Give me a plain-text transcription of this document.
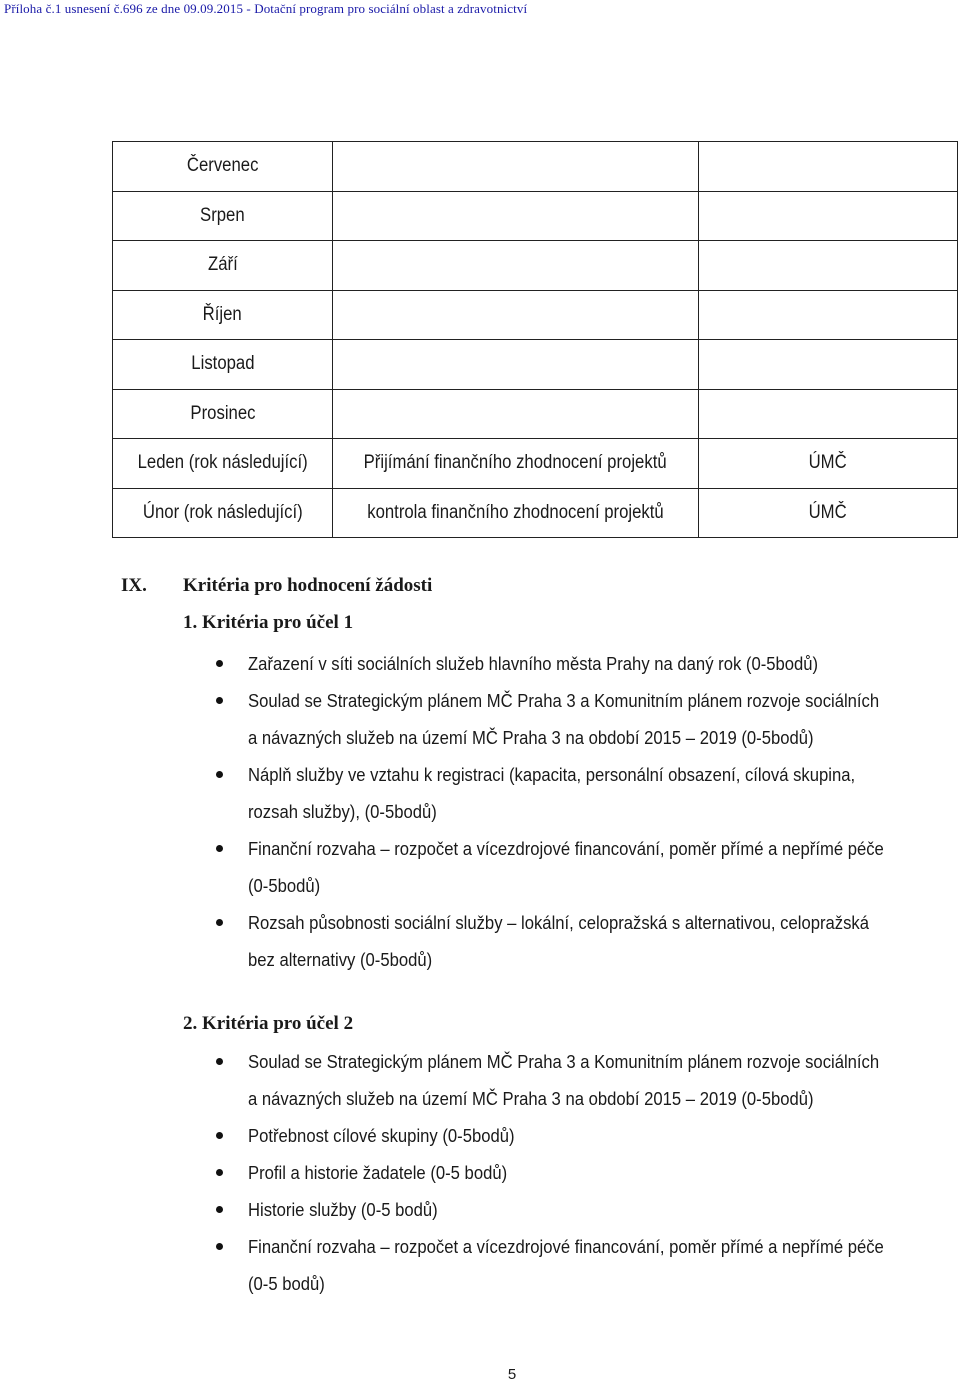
Příloha č.1 usnesení č.696 ze dne 09.09.2015 - Dotační program pro sociální oblast a zdravotnictví
Červenec		
Srpen		
Září		
Říjen		
Listopad		
Prosinec		
Leden (rok následující)	Přijímání finančního zhodnocení projektů	ÚMČ
Únor (rok následující)	kontrola finančního zhodnocení projektů	ÚMČ
IX. Kritéria pro hodnocení žádosti
1. Kritéria pro účel 1
Zařazení v síti sociálních služeb hlavního města Prahy na daný rok (0-5bodů)
Soulad se Strategickým plánem MČ Praha 3 a Komunitním plánem rozvoje sociálních a návazných služeb na území MČ Praha 3 na období 2015 – 2019 (0-5bodů)
Náplň služby ve vztahu k registraci (kapacita, personální obsazení, cílová skupina, rozsah služby), (0-5bodů)
Finanční rozvaha – rozpočet a vícezdrojové financování, poměr přímé a nepřímé péče (0-5bodů)
Rozsah působnosti sociální služby – lokální, celopražská s alternativou, celopražská bez alternativy (0-5bodů)
2. Kritéria pro účel 2
Soulad se Strategickým plánem MČ Praha 3 a Komunitním plánem rozvoje sociálních a návazných služeb na území MČ Praha 3 na období 2015 – 2019 (0-5bodů)
Potřebnost cílové skupiny (0-5bodů)
Profil a historie žadatele (0-5 bodů)
Historie služby (0-5 bodů)
Finanční rozvaha – rozpočet a vícezdrojové financování, poměr přímé a nepřímé péče (0-5 bodů)
5
